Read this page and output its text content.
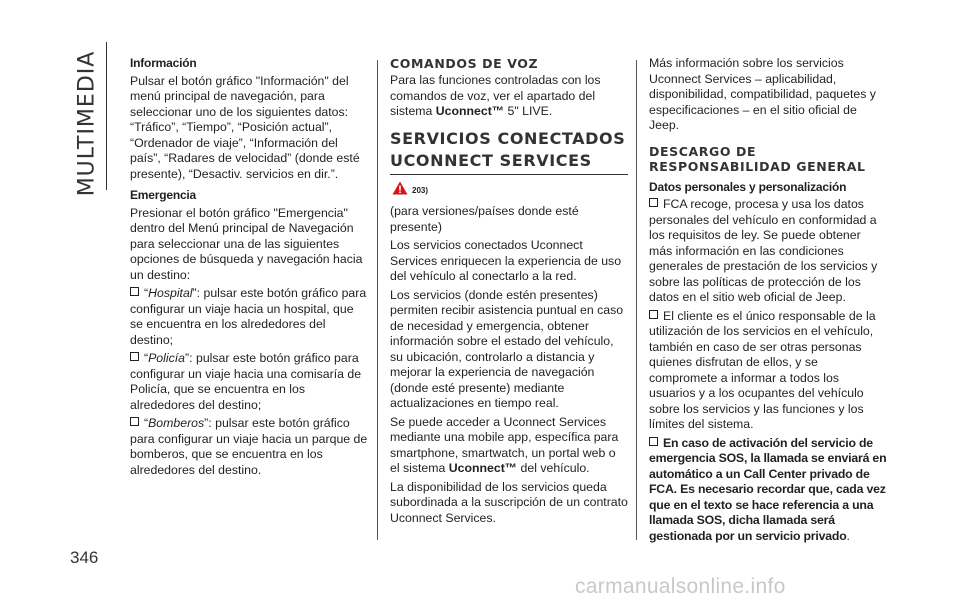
MULTIMEDIA
346

Información

Pulsar el botón gráfico "Información" del menú principal de navegación, para seleccionar uno de los siguientes datos: “Tráfico”, “Tiempo”, “Posición actual”, “Ordenador de viaje”, “Información del país”, “Radares de velocidad” (donde esté presente), “Desactiv. servicios en dir.”.

Emergencia

Presionar el botón gráfico "Emergencia" dentro del Menú principal de Navegación para seleccionar una de las siguientes opciones de búsqueda y navegación hacia un destino:

“Hospital”: pulsar este botón gráfico para configurar un viaje hacia un hospital, que se encuentra en los alrededores del destino;

“Policía”: pulsar este botón gráfico para configurar un viaje hacia una comisaría de Policía, que se encuentra en los alrededores del destino;

“Bomberos”: pulsar este botón gráfico para configurar un viaje hacia un parque de bomberos, que se encuentra en los alrededores del destino.

COMANDOS DE VOZ

Para las funciones controladas con los comandos de voz, ver el apartado del sistema Uconnect™ 5" LIVE.

SERVICIOS CONECTADOS
UCONNECT SERVICES
203)

(para versiones/países donde esté presente)

Los servicios conectados Uconnect Services enriquecen la experiencia de uso del vehículo al conectarlo a la red.

Los servicios (donde estén presentes) permiten recibir asistencia puntual en caso de necesidad y emergencia, obtener información sobre el estado del vehículo, su ubicación, controlarlo a distancia y mejorar la experiencia de navegación (donde esté presente) mediante actualizaciones en tiempo real.

Se puede acceder a Uconnect Services mediante una mobile app, específica para smartphone, smartwatch, un portal web o el sistema Uconnect™ del vehículo.

La disponibilidad de los servicios queda subordinada a la suscripción de un contrato Uconnect Services.

Más información sobre los servicios Uconnect Services – aplicabilidad, disponibilidad, compatibilidad, paquetes y especificaciones – en el sitio oficial de Jeep.

DESCARGO DE
RESPONSABILIDAD GENERAL

Datos personales y personalización

FCA recoge, procesa y usa los datos personales del vehículo en conformidad a los requisitos de ley. Se puede obtener más información en las condiciones generales de prestación de los servicios y sobre las políticas de protección de los datos en el sitio web oficial de Jeep.

El cliente es el único responsable de la utilización de los servicios en el vehículo, también en caso de ser otras personas quienes disfrutan de ellos, y se compromete a informar a todos los usuarios y a los ocupantes del vehículo sobre los servicios y las funciones y los límites del sistema.

En caso de activación del servicio de emergencia SOS, la llamada se enviará en automático a un Call Center privado de FCA. Es necesario recordar que, cada vez que en el texto se hace referencia a una llamada SOS, dicha llamada será gestionada por un servicio privado.

carmanualsonline.info
